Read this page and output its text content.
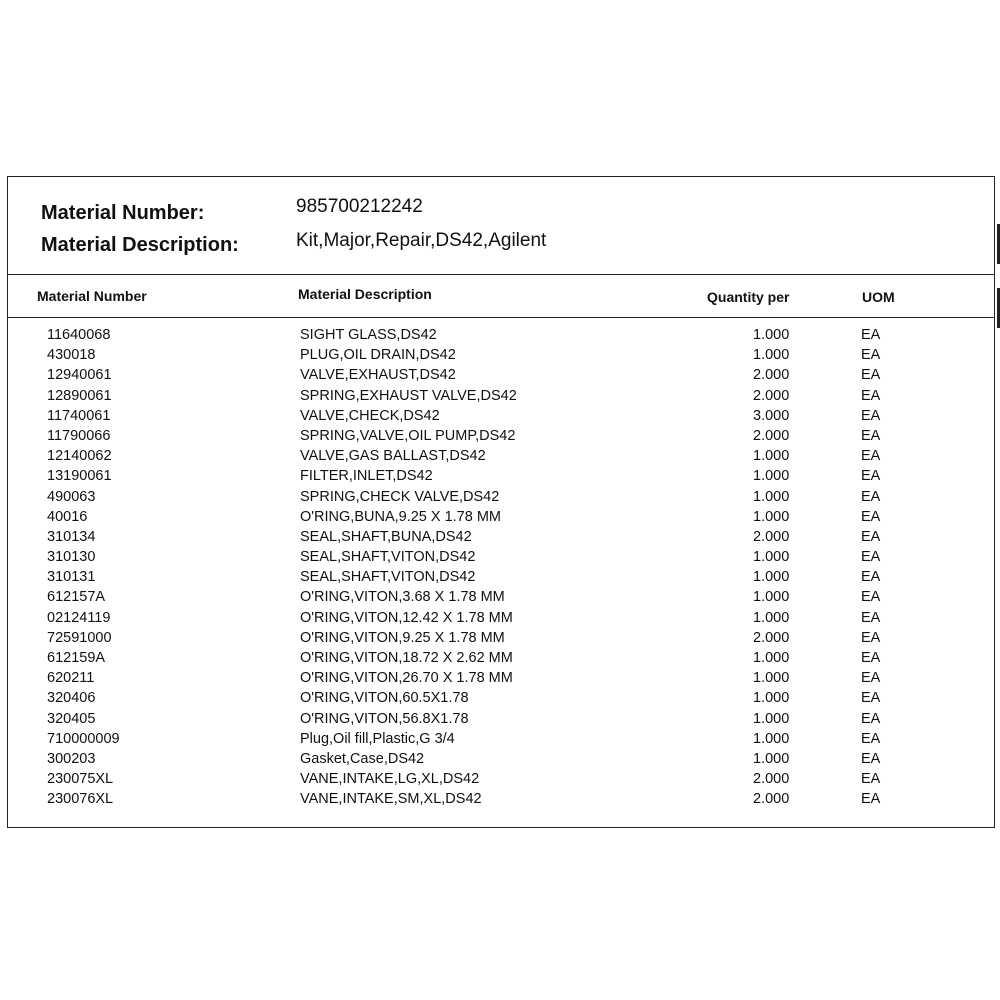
Material Number:	985700212242
Material Description:	Kit,Major,Repair,DS42,Agilent
Material Number	Material Description	Quantity per	UOM
11640068	SIGHT GLASS,DS42	1.000	EA
430018	PLUG,OIL DRAIN,DS42	1.000	EA
12940061	VALVE,EXHAUST,DS42	2.000	EA
12890061	SPRING,EXHAUST VALVE,DS42	2.000	EA
11740061	VALVE,CHECK,DS42	3.000	EA
11790066	SPRING,VALVE,OIL PUMP,DS42	2.000	EA
12140062	VALVE,GAS BALLAST,DS42	1.000	EA
13190061	FILTER,INLET,DS42	1.000	EA
490063	SPRING,CHECK VALVE,DS42	1.000	EA
40016	O'RING,BUNA,9.25 X 1.78 MM	1.000	EA
310134	SEAL,SHAFT,BUNA,DS42	2.000	EA
310130	SEAL,SHAFT,VITON,DS42	1.000	EA
310131	SEAL,SHAFT,VITON,DS42	1.000	EA
612157A	O'RING,VITON,3.68 X 1.78 MM	1.000	EA
02124119	O'RING,VITON,12.42 X 1.78 MM	1.000	EA
72591000	O'RING,VITON,9.25 X 1.78 MM	2.000	EA
612159A	O'RING,VITON,18.72 X 2.62 MM	1.000	EA
620211	O'RING,VITON,26.70 X 1.78 MM	1.000	EA
320406	O'RING,VITON,60.5X1.78	1.000	EA
320405	O'RING,VITON,56.8X1.78	1.000	EA
710000009	Plug,Oil fill,Plastic,G 3/4	1.000	EA
300203	Gasket,Case,DS42	1.000	EA
230075XL	VANE,INTAKE,LG,XL,DS42	2.000	EA
230076XL	VANE,INTAKE,SM,XL,DS42	2.000	EA
